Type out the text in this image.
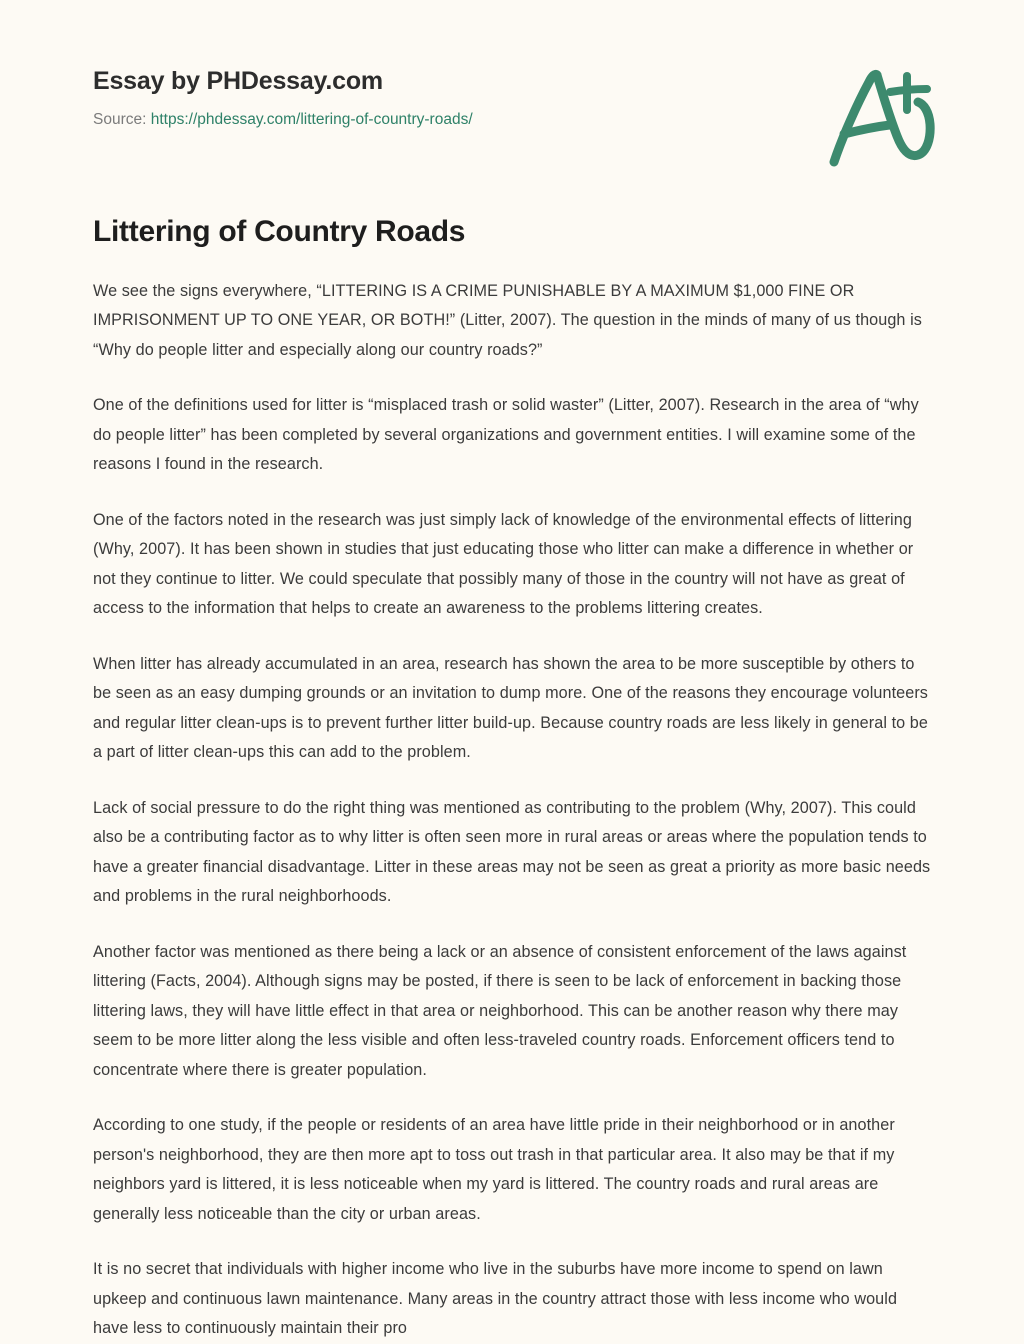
Essay by PHDessay.com
Source: https://phdessay.com/littering-of-country-roads/
Littering of Country Roads

We see the signs everywhere, “LITTERING IS A CRIME PUNISHABLE BY A MAXIMUM $1,000 FINE OR IMPRISONMENT UP TO ONE YEAR, OR BOTH!” (Litter, 2007). The question in the minds of many of us though is “Why do people litter and especially along our country roads?”

One of the definitions used for litter is “misplaced trash or solid waster” (Litter, 2007). Research in the area of “why do people litter” has been completed by several organizations and government entities. I will examine some of the reasons I found in the research.

One of the factors noted in the research was just simply lack of knowledge of the environmental effects of littering (Why, 2007). It has been shown in studies that just educating those who litter can make a difference in whether or not they continue to litter. We could speculate that possibly many of those in the country will not have as great of access to the information that helps to create an awareness to the problems littering creates.

When litter has already accumulated in an area, research has shown the area to be more susceptible by others to be seen as an easy dumping grounds or an invitation to dump more. One of the reasons they encourage volunteers and regular litter clean-ups is to prevent further litter build-up. Because country roads are less likely in general to be a part of litter clean-ups this can add to the problem.

Lack of social pressure to do the right thing was mentioned as contributing to the problem (Why, 2007). This could also be a contributing factor as to why litter is often seen more in rural areas or areas where the population tends to have a greater financial disadvantage. Litter in these areas may not be seen as great a priority as more basic needs and problems in the rural neighborhoods.

Another factor was mentioned as there being a lack or an absence of consistent enforcement of the laws against littering (Facts, 2004). Although signs may be posted, if there is seen to be lack of enforcement in backing those littering laws, they will have little effect in that area or neighborhood. This can be another reason why there may seem to be more litter along the less visible and often less-traveled country roads. Enforcement officers tend to concentrate where there is greater population.

According to one study, if the people or residents of an area have little pride in their neighborhood or in another person's neighborhood, they are then more apt to toss out trash in that particular area. It also may be that if my neighbors yard is littered, it is less noticeable when my yard is littered. The country roads and rural areas are generally less noticeable than the city or urban areas.

It is no secret that individuals with higher income who live in the suburbs have more income to spend on lawn upkeep and continuous lawn maintenance. Many areas in the country attract those with less income who would have less to continuously maintain their pro
